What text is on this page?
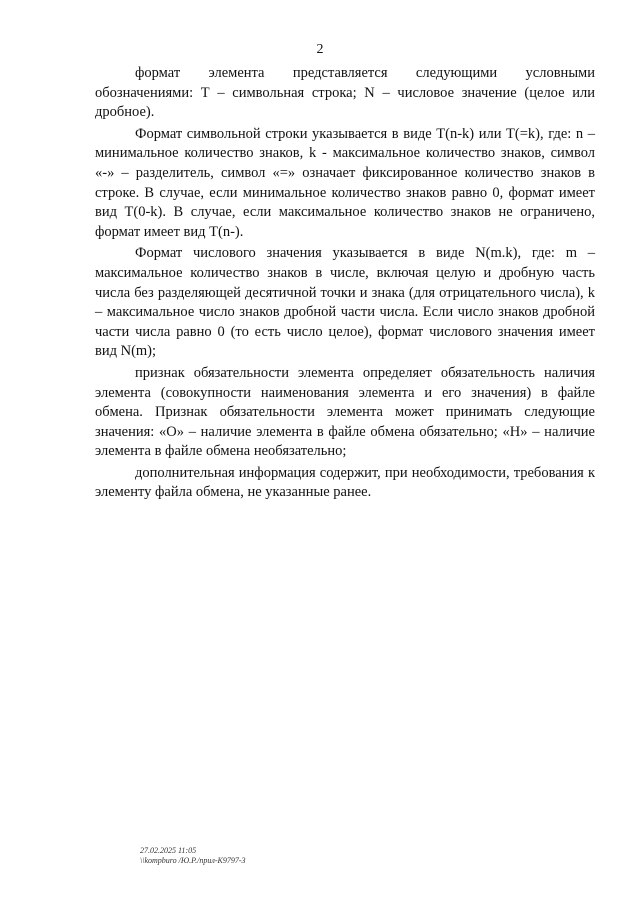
2

формат элемента представляется следующими условными обозначениями: Т – символьная строка; N – числовое значение (целое или дробное).

Формат символьной строки указывается в виде T(n-k) или T(=k), где: n – минимальное количество знаков, k - максимальное количество знаков, символ «-» – разделитель, символ «=» означает фиксированное количество знаков в строке. В случае, если минимальное количество знаков равно 0, формат имеет вид T(0-k). В случае, если максимальное количество знаков не ограничено, формат имеет вид T(n-).

Формат числового значения указывается в виде N(m.k), где: m – максимальное количество знаков в числе, включая целую и дробную часть числа без разделяющей десятичной точки и знака (для отрицательного числа), k – максимальное число знаков дробной части числа. Если число знаков дробной части числа равно 0 (то есть число целое), формат числового значения имеет вид N(m);

признак обязательности элемента определяет обязательность наличия элемента (совокупности наименования элемента и его значения) в файле обмена. Признак обязательности элемента может принимать следующие значения: «О» – наличие элемента в файле обмена обязательно; «Н» – наличие элемента в файле обмена необязательно;

дополнительная информация содержит, при необходимости, требования к элементу файла обмена, не указанные ранее.

27.02.2025 11:05
\\kompburo /Ю.Р./прил-К9797-3
